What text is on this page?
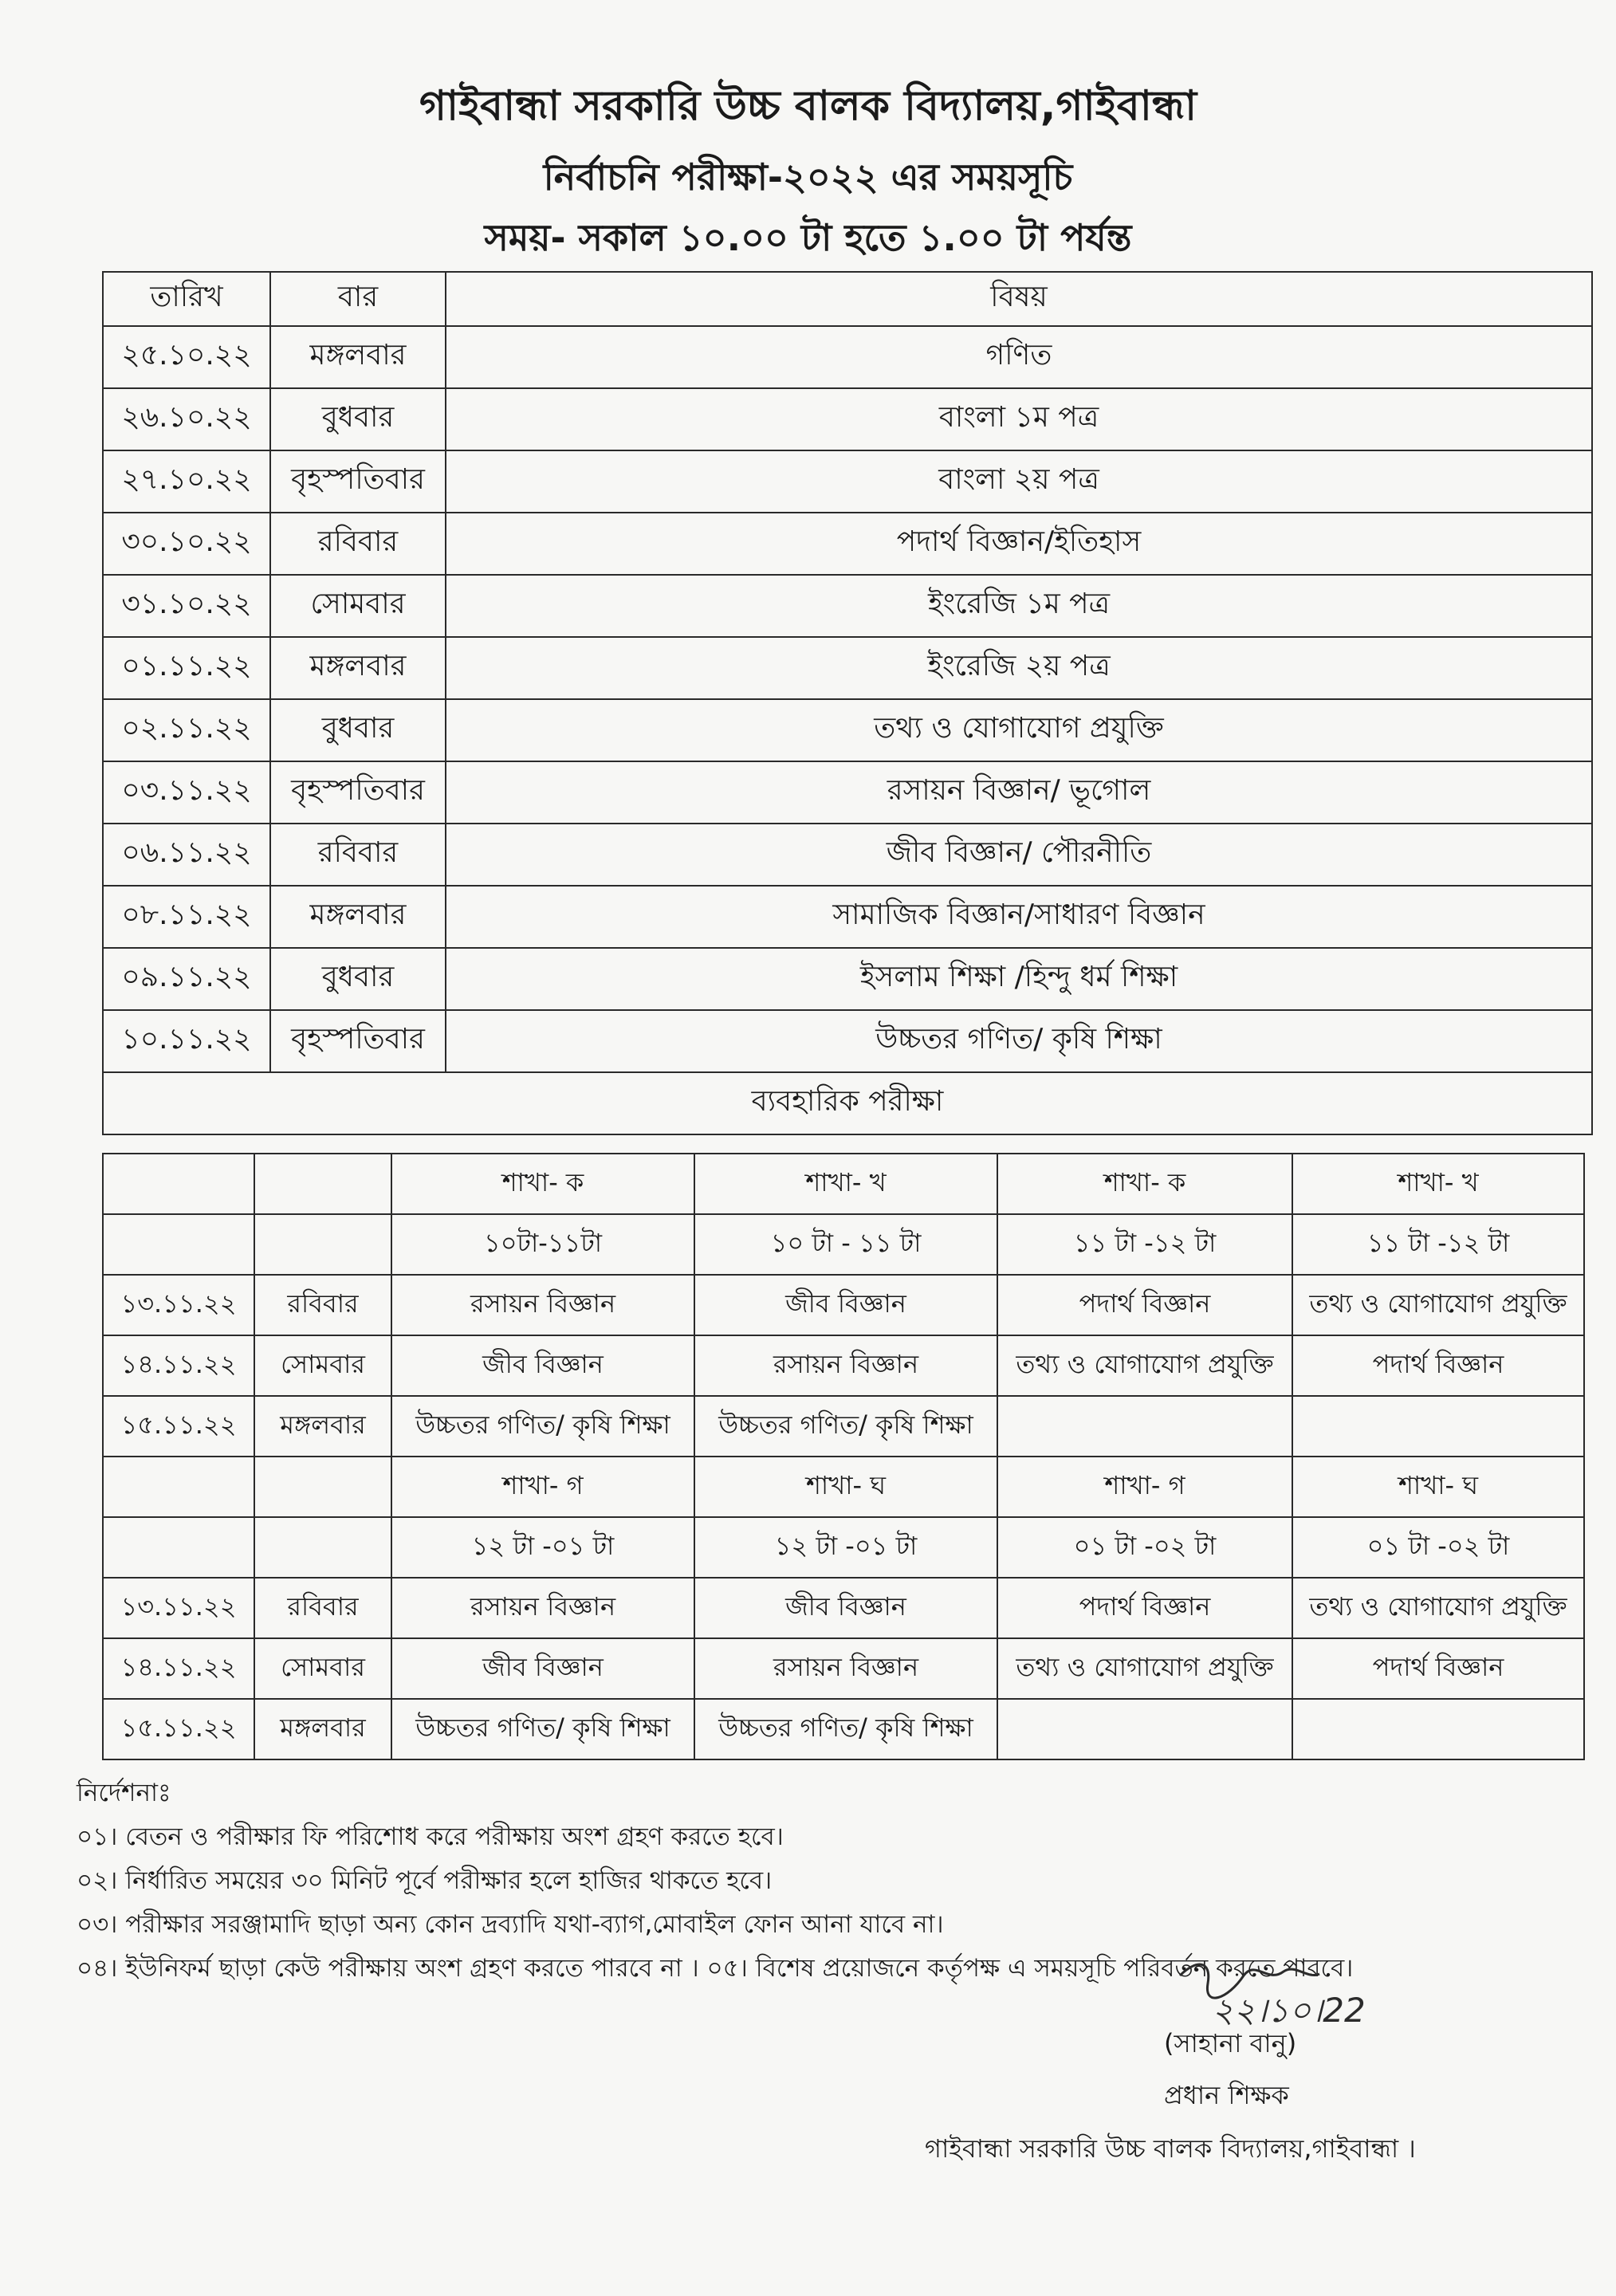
গাইবান্ধা সরকারি উচ্চ বালক বিদ্যালয়,গাইবান্ধা
নির্বাচনি পরীক্ষা-২০২২ এর সময়সূচি
সময়- সকাল ১০.০০ টা হতে ১.০০ টা পর্যন্ত
তারিখ	বার	বিষয়
২৫.১০.২২	মঙ্গলবার	গণিত
২৬.১০.২২	বুধবার	বাংলা ১ম পত্র
২৭.১০.২২	বৃহস্পতিবার	বাংলা ২য় পত্র
৩০.১০.২২	রবিবার	পদার্থ বিজ্ঞান/ইতিহাস
৩১.১০.২২	সোমবার	ইংরেজি ১ম পত্র
০১.১১.২২	মঙ্গলবার	ইংরেজি ২য় পত্র
০২.১১.২২	বুধবার	তথ্য ও যোগাযোগ প্রযুক্তি
০৩.১১.২২	বৃহস্পতিবার	রসায়ন বিজ্ঞান/ ভূগোল
০৬.১১.২২	রবিবার	জীব বিজ্ঞান/ পৌরনীতি
০৮.১১.২২	মঙ্গলবার	সামাজিক বিজ্ঞান/সাধারণ বিজ্ঞান
০৯.১১.২২	বুধবার	ইসলাম শিক্ষা /হিন্দু ধর্ম শিক্ষা
১০.১১.২২	বৃহস্পতিবার	উচ্চতর গণিত/ কৃষি শিক্ষা
ব্যবহারিক পরীক্ষা		
		শাখা- ক	শাখা- খ	শাখা- ক	শাখা- খ
		১০টা-১১টা	১০ টা - ১১ টা	১১ টা -১২ টা	১১ টা -১২ টা
১৩.১১.২২	রবিবার	রসায়ন বিজ্ঞান	জীব বিজ্ঞান	পদার্থ বিজ্ঞান	তথ্য ও যোগাযোগ প্রযুক্তি
১৪.১১.২২	সোমবার	জীব বিজ্ঞান	রসায়ন বিজ্ঞান	তথ্য ও যোগাযোগ প্রযুক্তি	পদার্থ বিজ্ঞান
১৫.১১.২২	মঙ্গলবার	উচ্চতর গণিত/ কৃষি শিক্ষা	উচ্চতর গণিত/ কৃষি শিক্ষা		
		শাখা- গ	শাখা- ঘ	শাখা- গ	শাখা- ঘ
		১২ টা -০১ টা	১২ টা -০১ টা	০১ টা -০২ টা	০১ টা -০২ টা
১৩.১১.২২	রবিবার	রসায়ন বিজ্ঞান	জীব বিজ্ঞান	পদার্থ বিজ্ঞান	তথ্য ও যোগাযোগ প্রযুক্তি
১৪.১১.২২	সোমবার	জীব বিজ্ঞান	রসায়ন বিজ্ঞান	তথ্য ও যোগাযোগ প্রযুক্তি	পদার্থ বিজ্ঞান
১৫.১১.২২	মঙ্গলবার	উচ্চতর গণিত/ কৃষি শিক্ষা	উচ্চতর গণিত/ কৃষি শিক্ষা		
নির্দেশনাঃ
০১। বেতন ও পরীক্ষার ফি পরিশোধ করে পরীক্ষায় অংশ গ্রহণ করতে হবে।
০২। নির্ধারিত সময়ের ৩০ মিনিট পূর্বে পরীক্ষার হলে হাজির থাকতে হবে।
০৩। পরীক্ষার সরঞ্জামাদি ছাড়া অন্য কোন দ্রব্যাদি যথা-ব্যাগ,মোবাইল ফোন আনা যাবে না।
০৪। ইউনিফর্ম ছাড়া কেউ পরীক্ষায় অংশ গ্রহণ করতে পারবে না । ০৫। বিশেষ প্রয়োজনে কর্তৃপক্ষ এ সময়সূচি পরিবর্তন করতে পারবে।
২২।১০।22
(সাহানা বানু)
প্রধান শিক্ষক
গাইবান্ধা সরকারি উচ্চ বালক বিদ্যালয়,গাইবান্ধা ।
